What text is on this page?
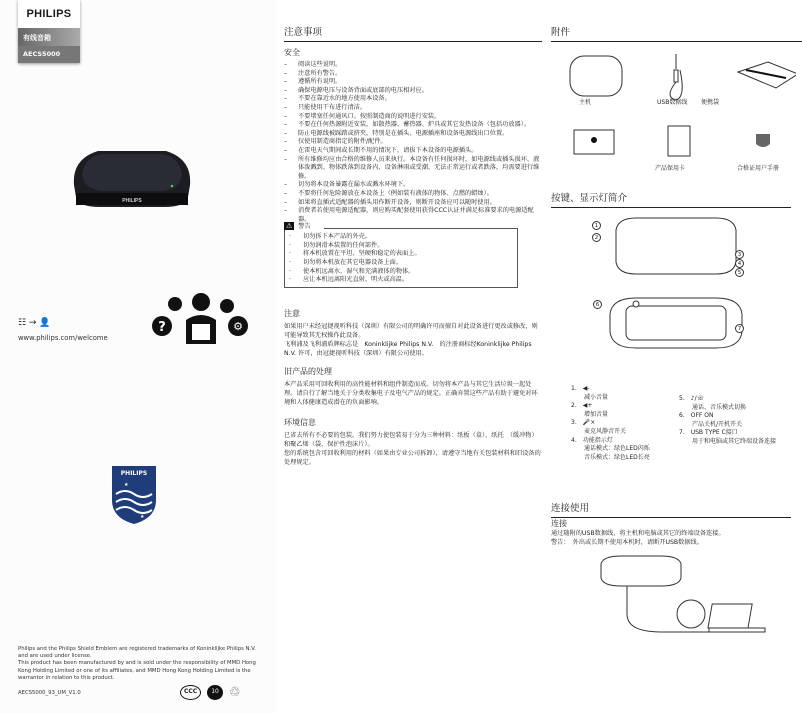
PHILIPS
有线音箱
AECS5000
PHILIPS
☷ → 👤
www.philips.com/welcome
?	⚙
PHILIPS
★
★
Philips and the Philips Shield Emblem are registered trademarks of Koninklijke Philips N.V. and are used under license.
This product has been manufactured by and is sold under the responsibility of MMD Hong Kong Holding Limited or one of its affiliates, and MMD Hong Kong Holding Limited is the warrantor in relation to this product.
AECS5000_93_UM_V1.0	CCC	10 ♲
注意事项
安全
– 阅读这些说明。
– 注意所有警告。
– 遵循所有说明。
– 确保电源电压与设备背面或底部的电压相对应。
– 不要在靠近水的地方使用本设备。
– 只能使用干布进行清洁。
– 不要堵塞任何通风口。按照制造商的说明进行安装。
– 不要在任何热源附近安装，如散热器、蓄热器、炉具或其它发热设备（包括功放器）。
– 防止电源线被踩踏或挤夹，特别是在插头、电源插座和设备电源线出口位置。
– 仅使用制造商指定的附件/配件。
– 在雷电天气期间或长期不用的情况下，请拔下本设备的电源插头。
– 所有维修均应由合格的维修人员来执行。本设备有任何损坏时，如电源线或插头损坏、液体泼溅到、物体跌落到设备内、设备淋雨或受潮、无法正常运行或者跌落，均需要进行维修。
– 切勿将本设备暴露在漏水或溅水环境下。
– 不要将任何危险源放在本设备上（例如装有液体的物体、点燃的蜡烛）。
– 如果将直插式适配器的插头用作断开设备，则断开设备应可以随时使用。
– 消费者若使用电源适配器，则应购买配套使用获得CCC认证并满足标准要求的电源适配器。
⚠ 警告
· 切勿拆下本产品的外壳。
· 切勿润滑本装置的任何部件。
· 将本机放置在平坦、坚硬和稳定的表面上。
· 切勿将本机放在其它电器设备上面。
· 使本机远离水、湿气和充满液体的物体。
· 应让本机远离阳光直射、明火或高温。
注意
如果用户未经冠捷视听科技（深圳）有限公司的明确许可而擅自对此设备进行更改或修改，则可能导致其无权操作此设备。
飞利浦及飞利浦盾牌标志是　Koninklijke Philips N.V.　的注册商标经Koninklijke Philips N.V. 许可，由冠捷视听科技（深圳）有限公司使用。
旧产品的处理
本产品采用可回收利用的高性能材料和组件制造而成。切勿将本产品与其它生活垃圾一起处理。请自行了解当地关于分类收集电子及电气产品的规定。正确弃置这些产品有助于避免对环境和人体健康造成潜在的负面影响。
环境信息
已省去所有不必要的包装。我们努力使包装易于分为三种材料：纸板（盒）、纸托　（缓冲物）和聚乙烯（袋、保护性泡沫片）。
您的系统包含可回收利用的材料（如果由专业公司拆卸），请遵守当地有关包装材料和旧设备的处理规定。
附件
主机	USB数据线 便携袋
产品保用卡	合格证用户手册
按键、显示灯简介
1
2
3
4
5
6
7
1. ◀-
减小音量
2. ◀+
增加音量
3. 🎤×
麦克风静音开关
4. 功能指示灯
通话模式：绿色LED闪烁
音乐模式：绿色LED长亮
5. ♪/☏
通话、音乐模式切换
6. OFF ON
产品关机/开机开关
7. USB TYPE C接口
用于和电脑或其它终端设备连接
连接使用
连接
通过随附的USB数据线，将主机和电脑或其它的终端设备连接。
警告：　外出或长期不使用本机时，请断开USB数据线。
